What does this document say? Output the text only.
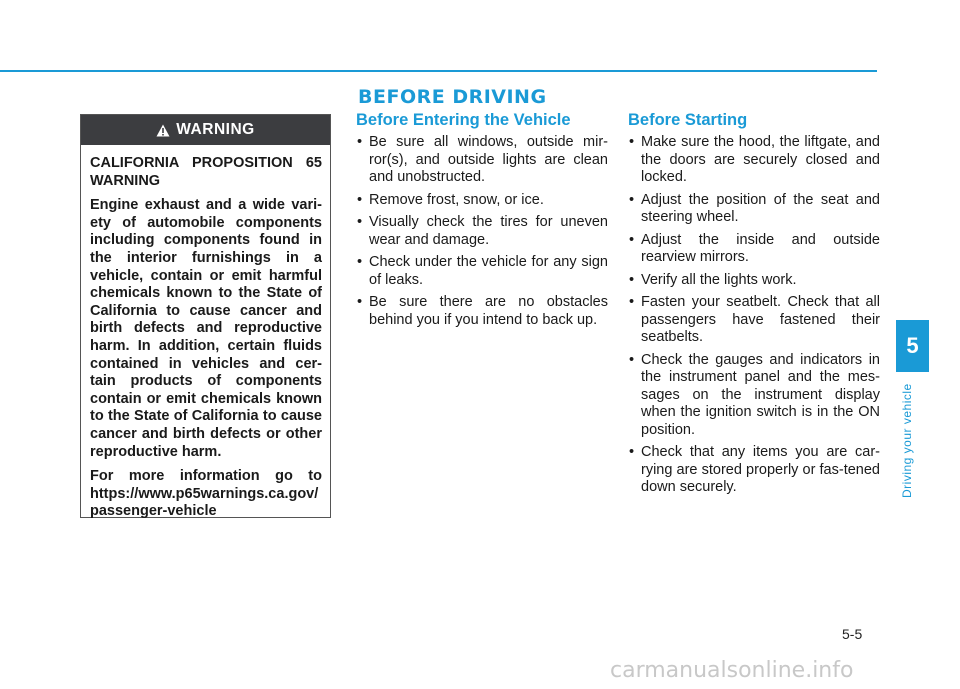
BEFORE DRIVING
WARNING

CALIFORNIA PROPOSITION 65 WARNING

Engine exhaust and a wide vari-ety of automobile components including components found in the interior furnishings in a vehicle, contain or emit harmful chemicals known to the State of California to cause cancer and birth defects and reproductive harm. In addition, certain fluids contained in vehicles and cer-tain products of components contain or emit chemicals known to the State of California to cause cancer and birth defects or other reproductive harm.

For more information go to https://www.p65warnings.ca.gov/passenger-vehicle

Before Entering the Vehicle
• Be sure all windows, outside mir-ror(s), and outside lights are clean and unobstructed.
• Remove frost, snow, or ice.
• Visually check the tires for uneven wear and damage.
• Check under the vehicle for any sign of leaks.
• Be sure there are no obstacles behind you if you intend to back up.
Before Starting
• Make sure the hood, the liftgate, and the doors are securely closed and locked.
• Adjust the position of the seat and steering wheel.
• Adjust the inside and outside rearview mirrors.
• Verify all the lights work.
• Fasten your seatbelt. Check that all passengers have fastened their seatbelts.
• Check the gauges and indicators in the instrument panel and the mes-sages on the instrument display when the ignition switch is in the ON position.
• Check that any items you are car-rying are stored properly or fas-tened down securely.
5
Driving your vehicle
5-5
carmanualsonline.info
